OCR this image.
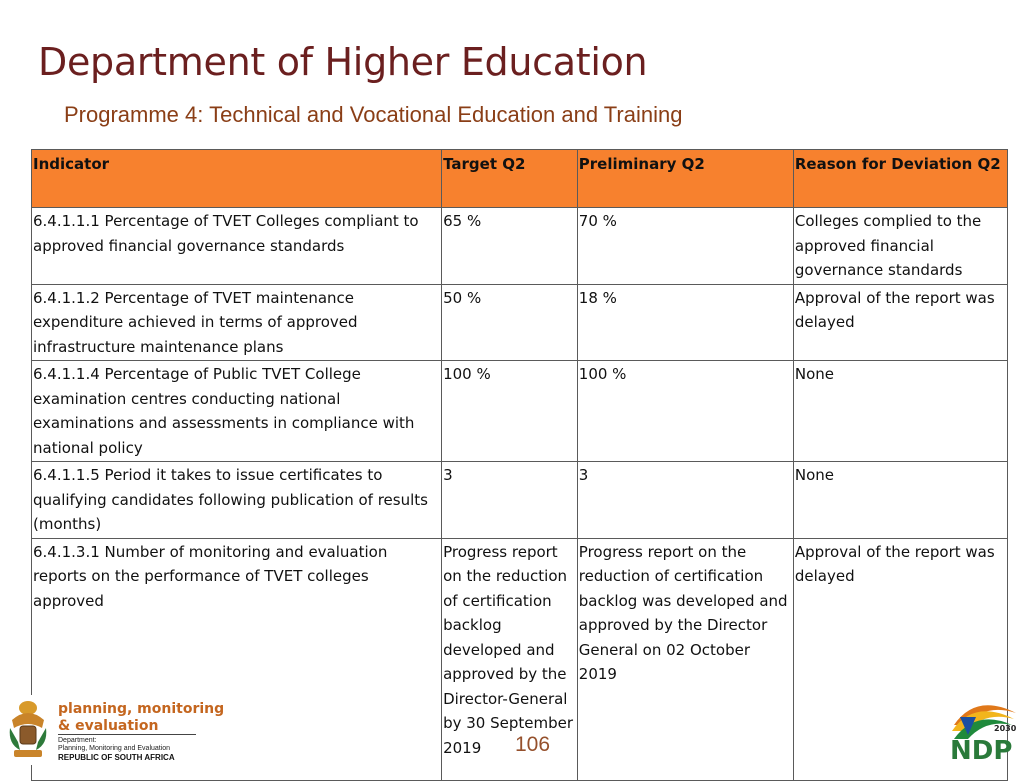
Department of Higher Education
Programme 4: Technical and Vocational Education and Training
Indicator	Target Q2	Preliminary Q2	Reason for Deviation Q2
6.4.1.1.1 Percentage of TVET Colleges compliant to approved financial governance standards	65 %	70 %	Colleges complied to the approved financial governance standards
6.4.1.1.2 Percentage of TVET maintenance expenditure achieved in terms of approved infrastructure maintenance plans	50 %	18 %	Approval of the report was delayed
6.4.1.1.4 Percentage of Public TVET College examination centres conducting national examinations and assessments in compliance with national policy	100 %	100 %	None
6.4.1.1.5 Period it takes to issue certificates to qualifying candidates following publication of results (months)	3	3	None
6.4.1.3.1 Number of monitoring and evaluation reports on the performance of TVET colleges approved	Progress report on the reduction of certification backlog developed and approved by the Director-General by 30 September 2019	Progress report on the reduction of certification backlog was developed and approved by the Director General on 02 October 2019	Approval of the report was delayed
planning, monitoring
& evaluation
Department:
Planning, Monitoring and Evaluation
REPUBLIC OF SOUTH AFRICA
106	NDP
2030
